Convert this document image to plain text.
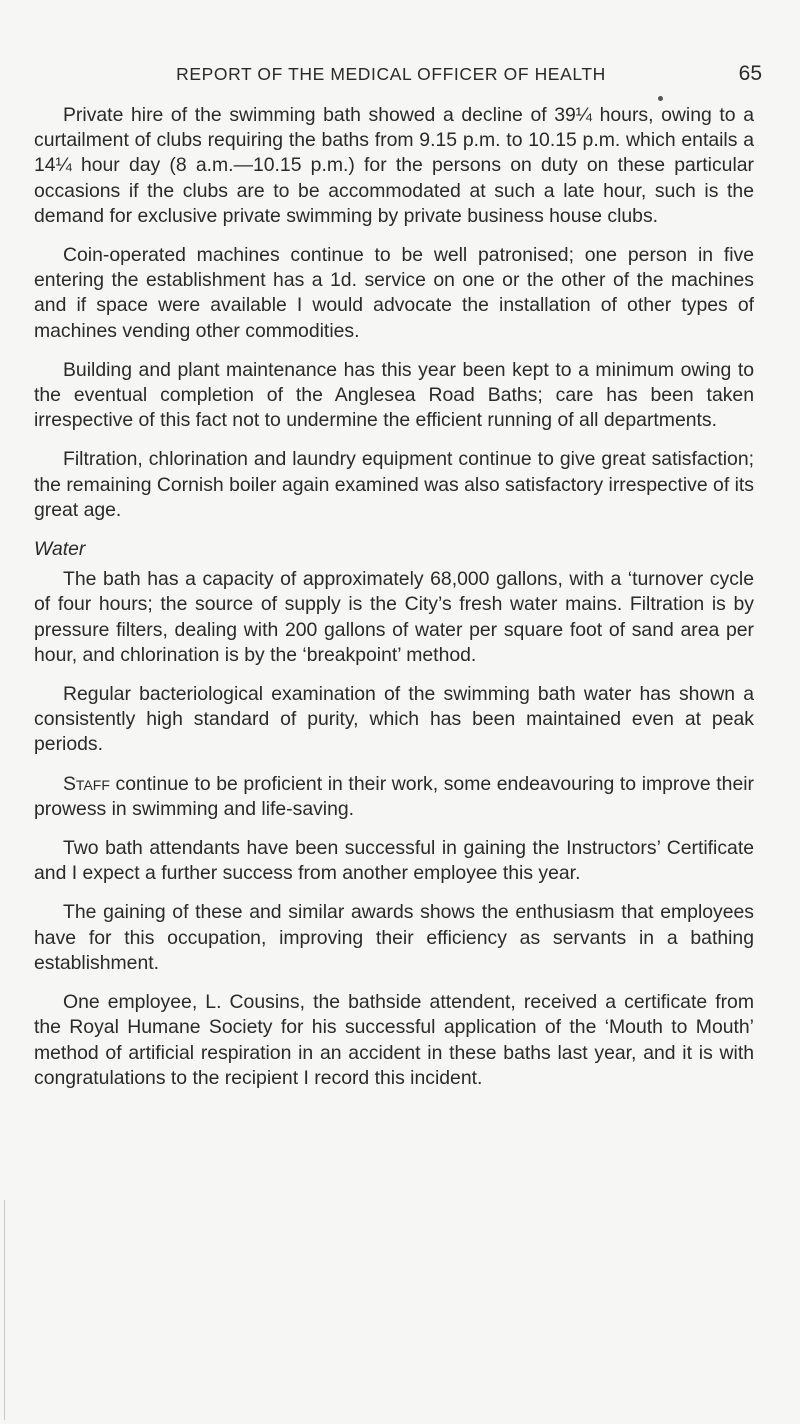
REPORT OF THE MEDICAL OFFICER OF HEALTH	65

Private hire of the swimming bath showed a decline of 39¼ hours, owing to a curtailment of clubs requiring the baths from 9.15 p.m. to 10.15 p.m. which entails a 14¼ hour day (8 a.m.—10.15 p.m.) for the persons on duty on these particular occasions if the clubs are to be accommodated at such a late hour, such is the demand for exclusive private swimming by private business house clubs.

Coin-operated machines continue to be well patronised; one person in five entering the establishment has a 1d. service on one or the other of the machines and if space were available I would advocate the installation of other types of machines vending other commodities.

Building and plant maintenance has this year been kept to a minimum owing to the eventual completion of the Anglesea Road Baths; care has been taken irrespective of this fact not to undermine the efficient running of all departments.

Filtration, chlorination and laundry equipment continue to give great satisfaction; the remaining Cornish boiler again examined was also satisfactory irrespective of its great age.

Water

The bath has a capacity of approximately 68,000 gallons, with a ‘turnover cycle of four hours; the source of supply is the City’s fresh water mains. Filtration is by pressure filters, dealing with 200 gallons of water per square foot of sand area per hour, and chlorination is by the ‘breakpoint’ method.

Regular bacteriological examination of the swimming bath water has shown a consistently high standard of purity, which has been maintained even at peak periods.

Staff continue to be proficient in their work, some endeavouring to improve their prowess in swimming and life-saving.

Two bath attendants have been successful in gaining the Instructors’ Certificate and I expect a further success from another employee this year.

The gaining of these and similar awards shows the enthusiasm that employees have for this occupation, improving their efficiency as servants in a bathing establishment.

One employee, L. Cousins, the bathside attendent, received a certificate from the Royal Humane Society for his successful application of the ‘Mouth to Mouth’ method of artificial respiration in an accident in these baths last year, and it is with congratulations to the recipient I record this incident.
